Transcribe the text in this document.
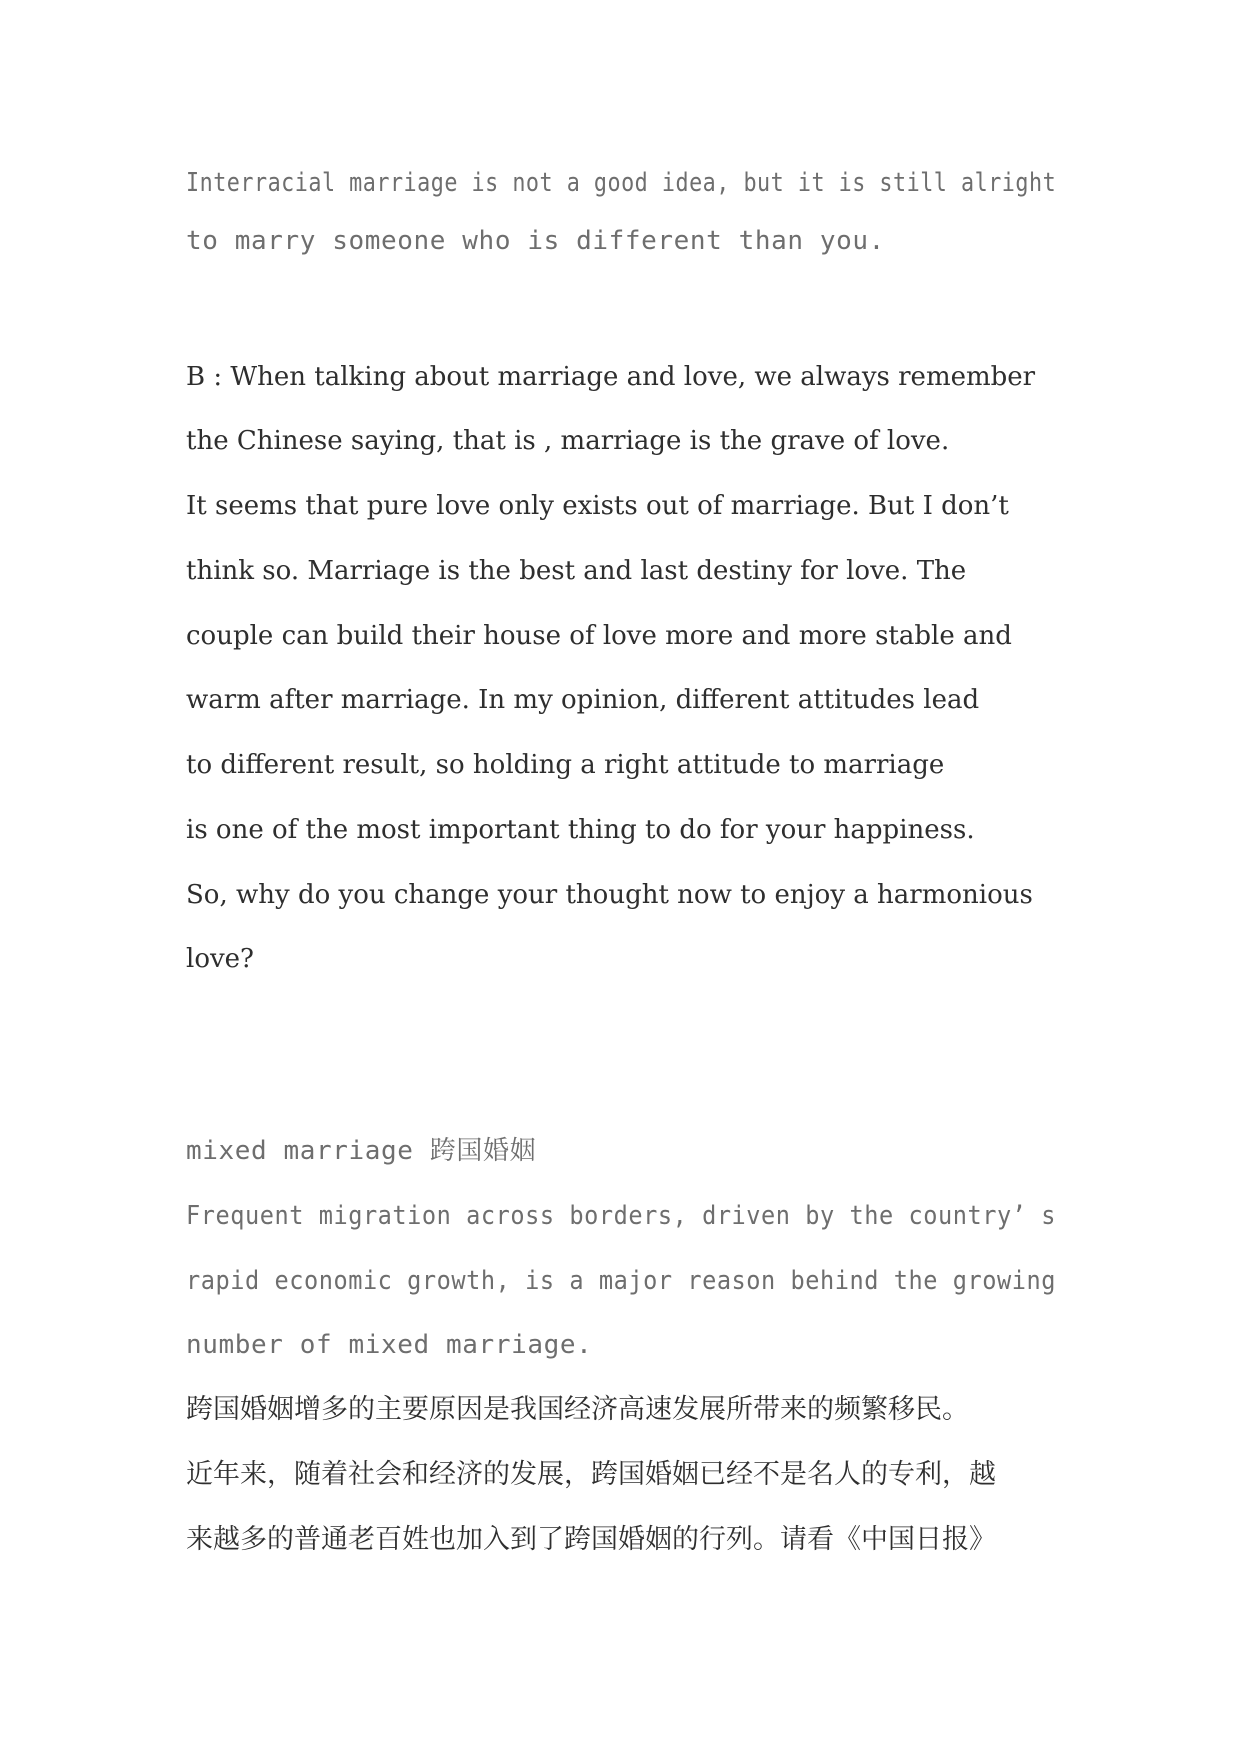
Interracial marriage is not a good idea, but it is still alright
to marry someone who is different than you.
B : When talking about marriage and love, we always remember
the Chinese saying, that is , marriage is the grave of love.
It seems that pure love only exists out of marriage. But I don’t
think so. Marriage is the best and last destiny for love. The
couple can build their house of love more and more stable and
warm after marriage. In my opinion, different attitudes lead
to different result, so holding a right attitude to marriage
is one of the most important thing to do for your happiness.
So, why do you change your thought now to enjoy a harmonious
love?
mixed marriage 跨国婚姻
Frequent migration across borders, driven by the country’ s
rapid economic growth, is a major reason behind the growing
number of mixed marriage.
跨国婚姻增多的主要原因是我国经济高速发展所带来的频繁移民。
近年来，随着社会和经济的发展，跨国婚姻已经不是名人的专利，越
来越多的普通老百姓也加入到了跨国婚姻的行列。请看《中国日报》
